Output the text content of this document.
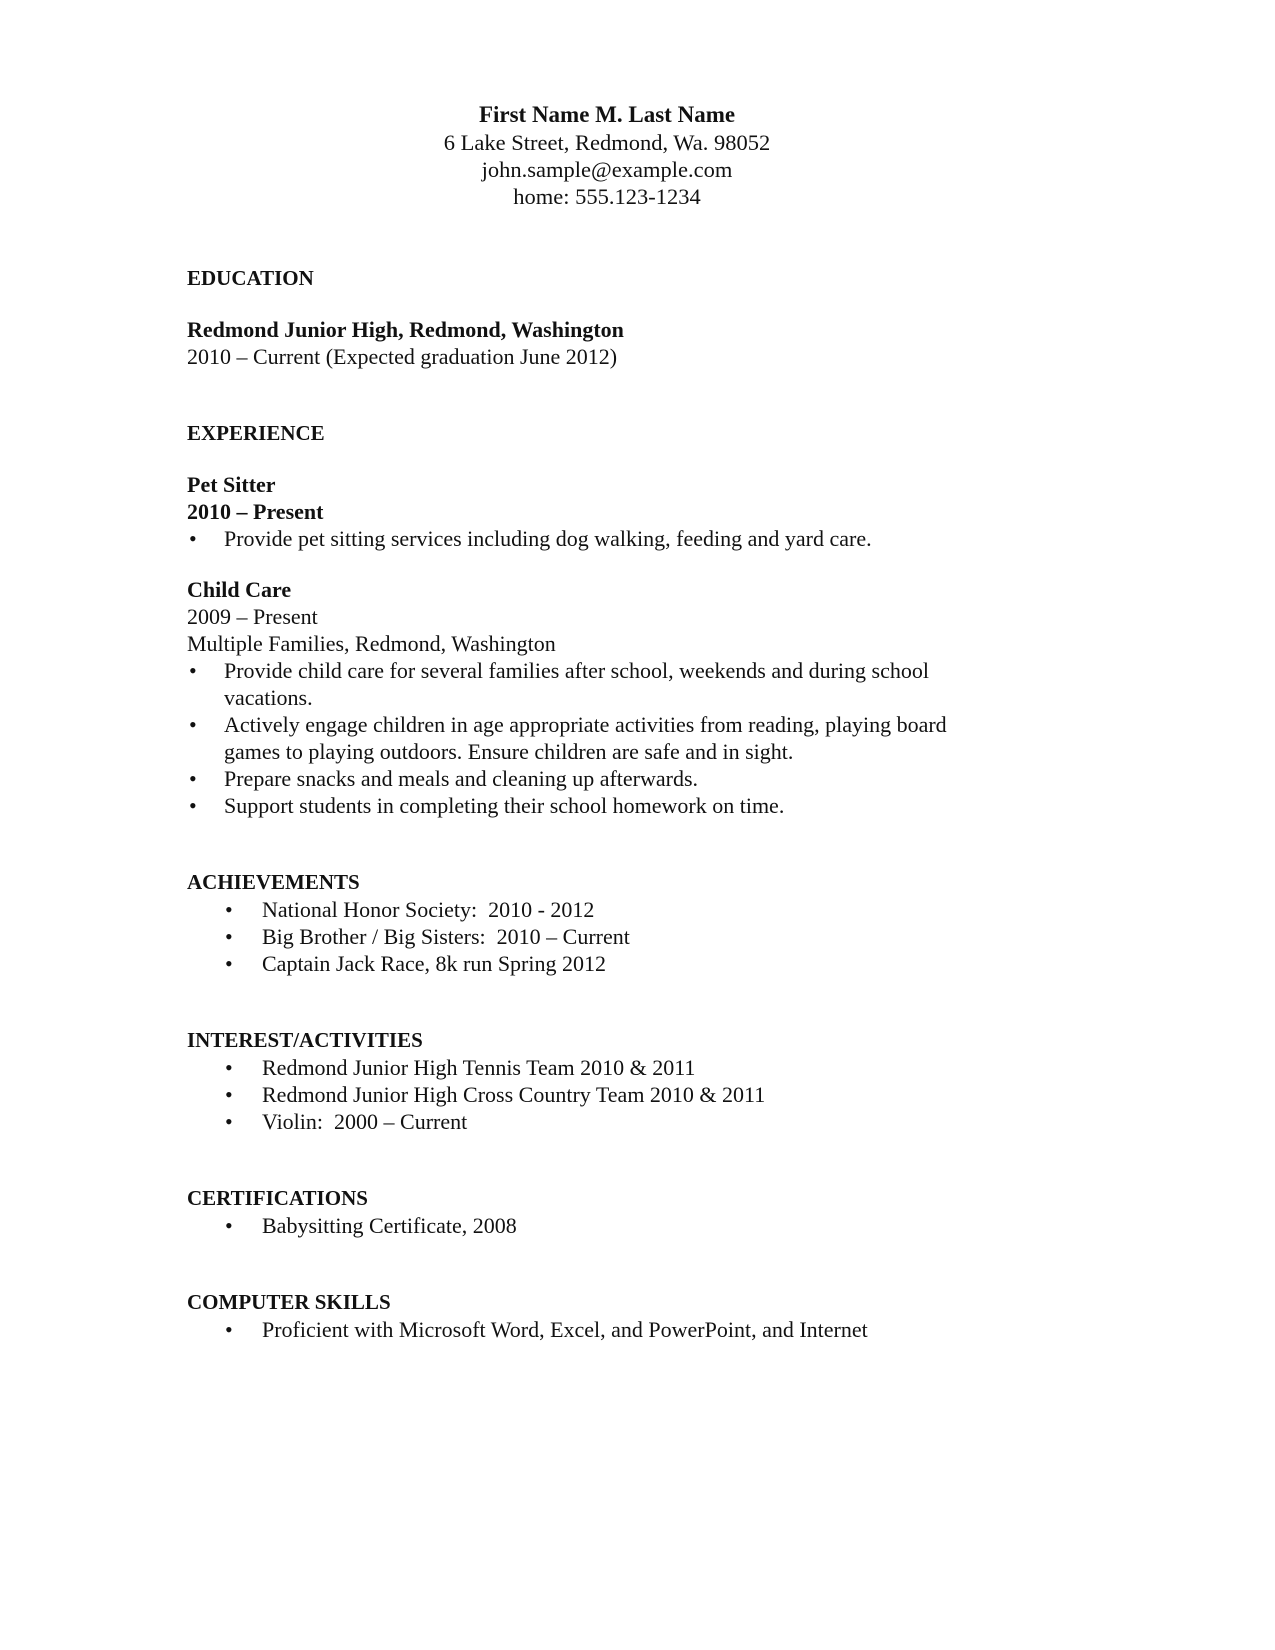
First Name M. Last Name
6 Lake Street, Redmond, Wa. 98052
john.sample@example.com
home: 555.123-1234
EDUCATION
Redmond Junior High, Redmond, Washington
2010 – Current (Expected graduation June 2012)
EXPERIENCE
Pet Sitter
2010 – Present
• Provide pet sitting services including dog walking, feeding and yard care.
Child Care
2009 – Present
Multiple Families, Redmond, Washington
• Provide child care for several families after school, weekends and during school vacations.
• Actively engage children in age appropriate activities from reading, playing board games to playing outdoors. Ensure children are safe and in sight.
• Prepare snacks and meals and cleaning up afterwards.
• Support students in completing their school homework on time.
ACHIEVEMENTS
• National Honor Society:  2010 - 2012
• Big Brother / Big Sisters:  2010 – Current
• Captain Jack Race, 8k run Spring 2012
INTEREST/ACTIVITIES
• Redmond Junior High Tennis Team 2010 & 2011
• Redmond Junior High Cross Country Team 2010 & 2011
• Violin:  2000 – Current
CERTIFICATIONS
• Babysitting Certificate, 2008
COMPUTER SKILLS
• Proficient with Microsoft Word, Excel, and PowerPoint, and Internet
